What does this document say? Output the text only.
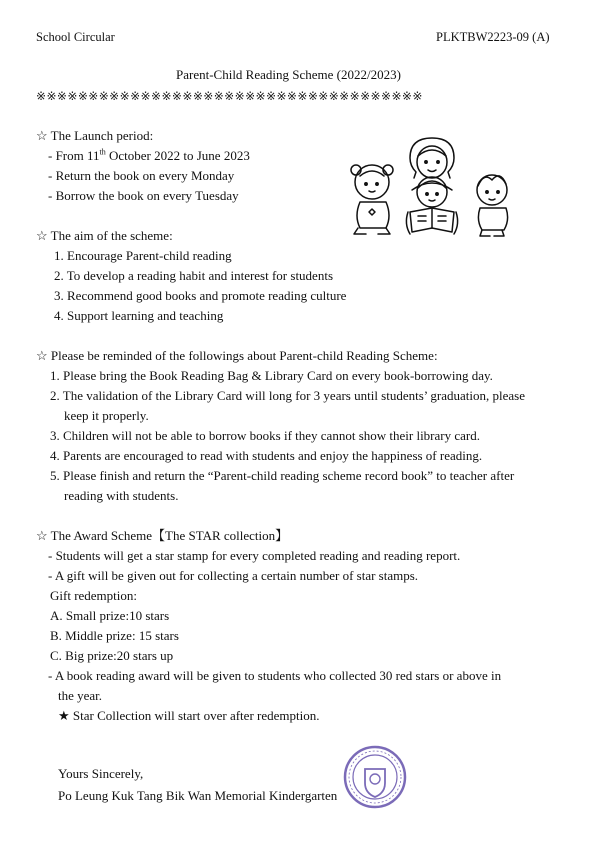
School Circular	PLKTBW2223-09 (A)
Parent-Child Reading Scheme (2022/2023)
※※※※※※※※※※※※※※※※※※※※※※※※※※※※※※※※※※※※※
☆ The Launch period:
- From 11th October 2022 to June 2023
- Return the book on every Monday
- Borrow the book on every Tuesday
☆ The aim of the scheme:
1. Encourage Parent-child reading
2. To develop a reading habit and interest for students
3. Recommend good books and promote reading culture
4. Support learning and teaching
☆ Please be reminded of the followings about Parent-child Reading Scheme:
1. Please bring the Book Reading Bag & Library Card on every book-borrowing day.
2. The validation of the Library Card will long for 3 years until students’ graduation, please
keep it properly.
3. Children will not be able to borrow books if they cannot show their library card.
4. Parents are encouraged to read with students and enjoy the happiness of reading.
5. Please finish and return the “Parent-child reading scheme record book” to teacher after
reading with students.
☆ The Award Scheme【The STAR collection】
- Students will get a star stamp for every completed reading and reading report.
- A gift will be given out for collecting a certain number of star stamps.
Gift redemption:
A. Small prize:10 stars
B. Middle prize: 15 stars
C. Big prize:20 stars up
- A book reading award will be given to students who collected 30 red stars or above in
the year.
★ Star Collection will start over after redemption.
Yours Sincerely,
Po Leung Kuk Tang Bik Wan Memorial Kindergarten
